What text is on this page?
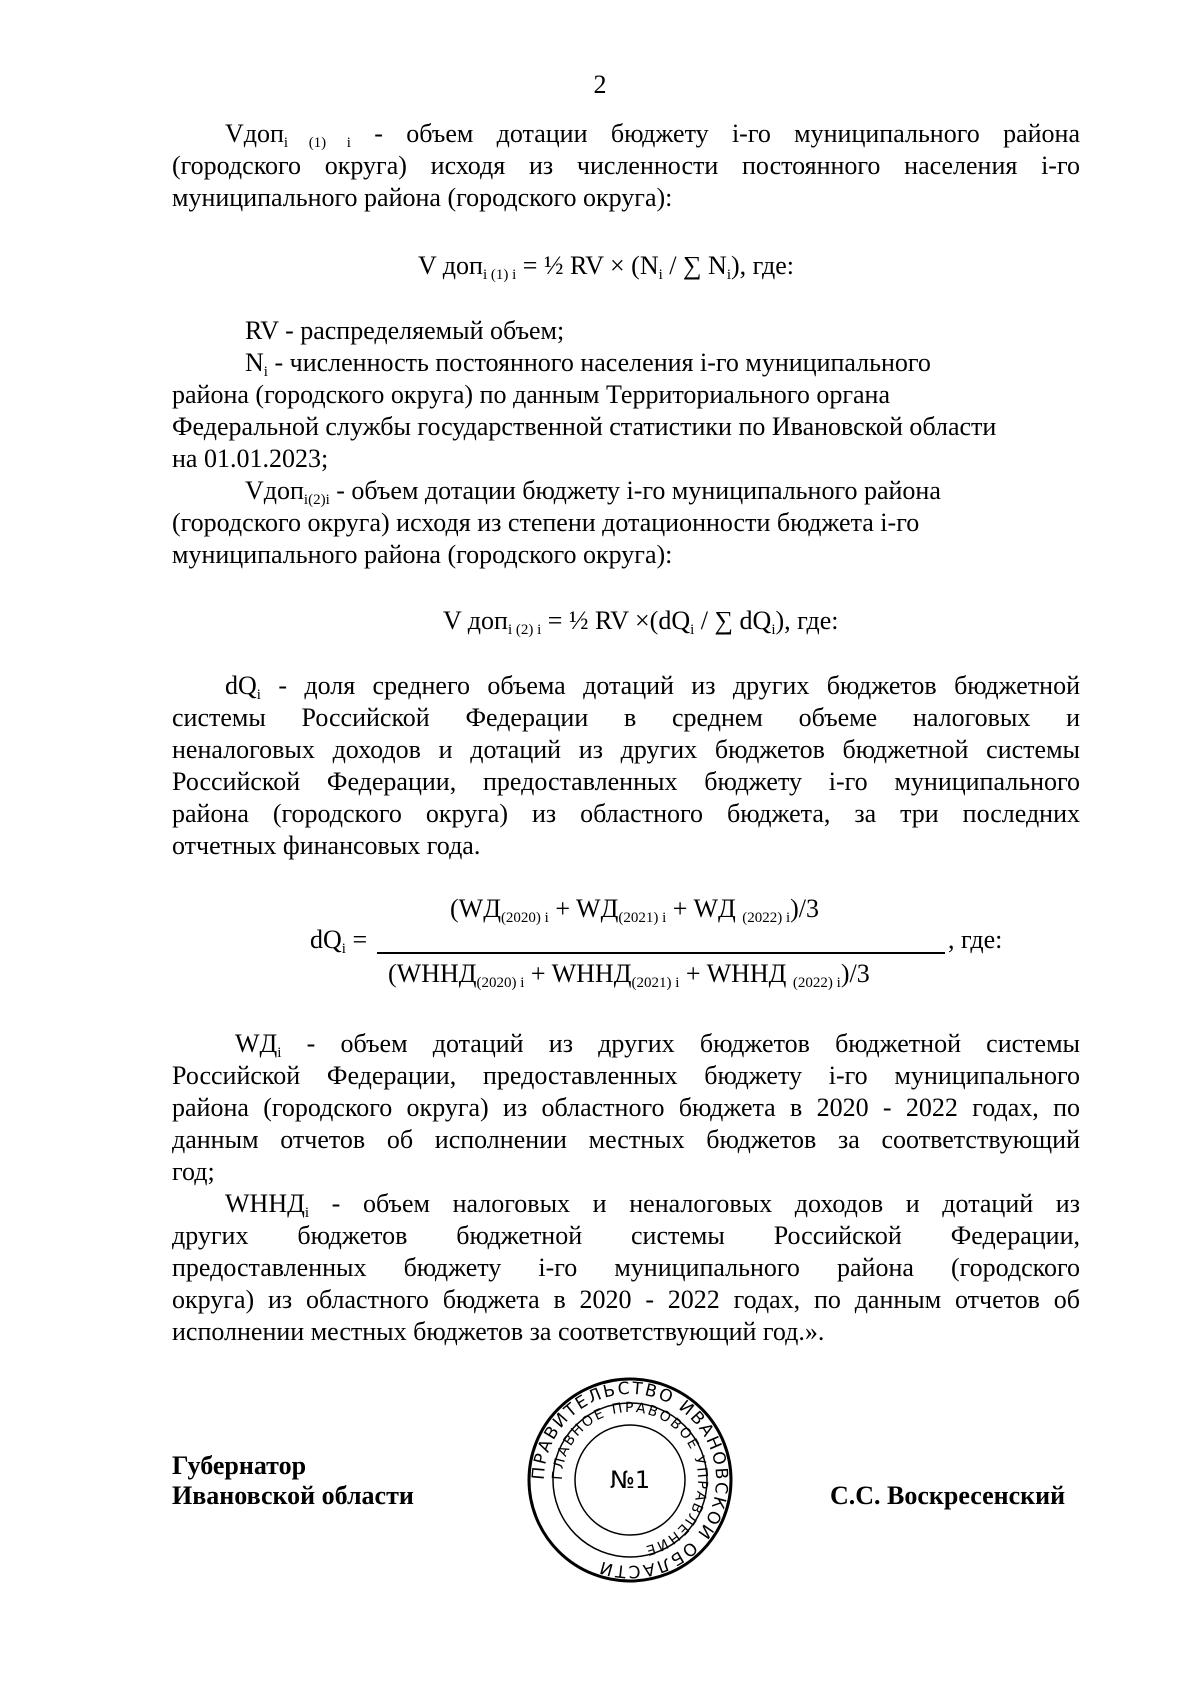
2
Vдоп$_i$ $_{(1)}$ $_i$ - объем дотации бюджету i-го муниципального района
(городского округа) исходя из численности постоянного населения i-го
муниципального района (городского округа):
V доп$_{i (1) i}$ = ½ RV × ($N_i$ / ∑ $N_i$), где:
RV - распределяемый объем;
$N_i$ - численность постоянного населения i-го муниципального
района (городского округа) по данным Территориального органа
Федеральной службы государственной статистики по Ивановской области
на 01.01.2023;
Vдоп$_{i(2)i}$ - объем дотации бюджету i-го муниципального района
(городского округа) исходя из степени дотационности бюджета i-го
муниципального района (городского округа):
V доп$_{i (2) i}$ = ½ RV $\times(dQ_i$ / ∑ $dQ_i$), где:
$dQ_i$ - доля среднего объема дотаций из других бюджетов бюджетной
системы Российской Федерации в среднем объеме налоговых и
неналоговых доходов и дотаций из других бюджетов бюджетной системы
Российской Федерации, предоставленных бюджету i-го муниципального
района (городского округа) из областного бюджета, за три последних
отчетных финансовых года.
($WД_{(2020) i} + WД_{(2021) i}$ + WД $_{(2022) i}$)/3
$dQ_i$ =	, где:
($WННД_{(2020) i}$ + $WННД_{(2021) i}$ + WННД $_{(2022) i}$)/3
$WД_i$ - объем дотаций из других бюджетов бюджетной системы
Российской Федерации, предоставленных бюджету i-го муниципального
района (городского округа) из областного бюджета в 2020 - 2022 годах, по
данным отчетов об исполнении местных бюджетов за соответствующий
год;
$WННД_i$ - объем налоговых и неналоговых доходов и дотаций из
других бюджетов бюджетной системы Российской Федерации,
предоставленных бюджету i-го муниципального района (городского
округа) из областного бюджета в 2020 - 2022 годах, по данным отчетов об
исполнении местных бюджетов за соответствующий год.».
Губернатор
Ивановской области	С.С. Воскресенский
ПРАВИТЕЛЬСТВО ИВАНОВСКОЙ ОБЛАСТИ
ГЛАВНОЕ ПРАВОВОЕ УПРАВЛЕНИЕ
№1
